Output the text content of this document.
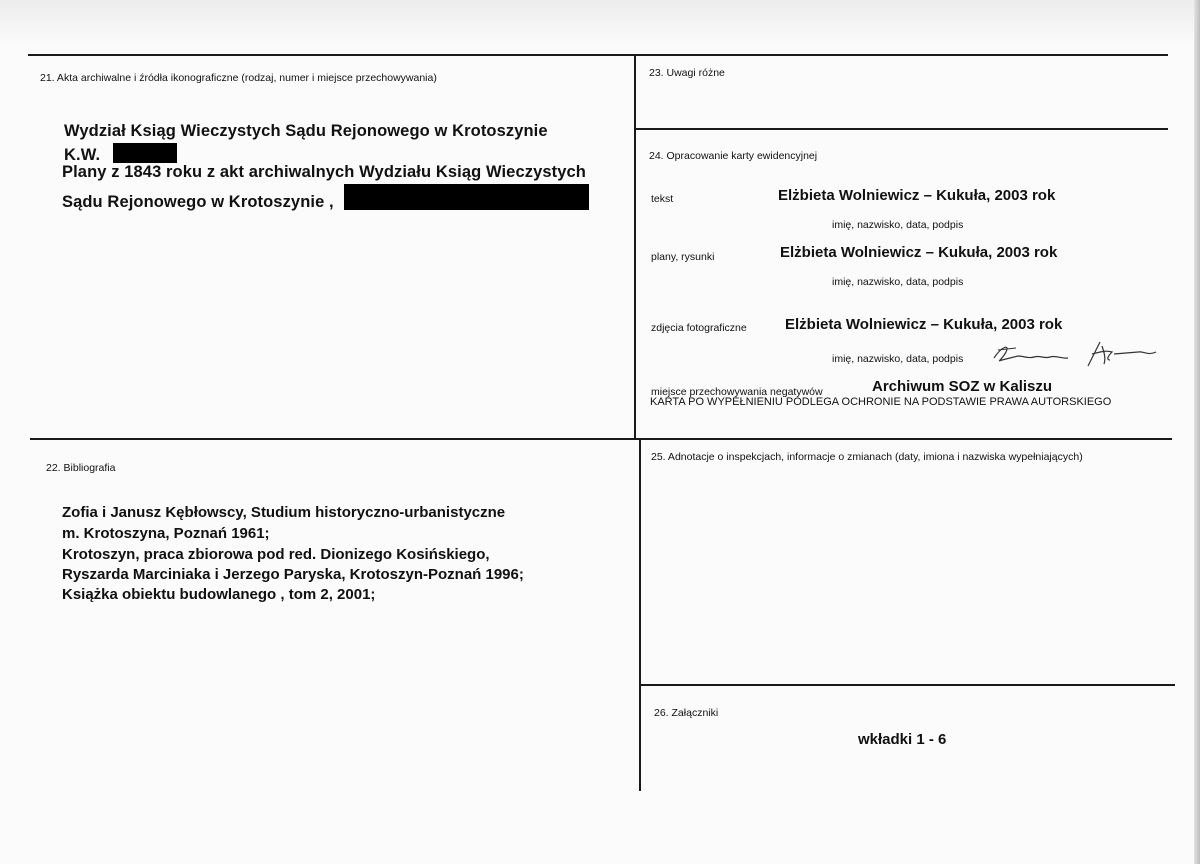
21. Akta archiwalne i źródła ikonograficzne (rodzaj, numer i miejsce przechowywania)
Wydział Ksiąg Wieczystych Sądu Rejonowego w Krotoszynie
K.W.
Plany z 1843 roku z akt archiwalnych Wydziału Ksiąg Wieczystych
Sądu Rejonowego w Krotoszynie ,
22. Bibliografia
Zofia i Janusz Kębłowscy, Studium historyczno-urbanistyczne
m. Krotoszyna, Poznań 1961;
Krotoszyn, praca zbiorowa pod red. Dionizego Kosińskiego,
Ryszarda Marciniaka i Jerzego Paryska, Krotoszyn-Poznań 1996;
Książka obiektu budowlanego , tom 2, 2001;
23. Uwagi różne
24. Opracowanie karty ewidencyjnej
tekst	Elżbieta Wolniewicz – Kukuła, 2003 rok
imię, nazwisko, data, podpis
plany, rysunki	Elżbieta Wolniewicz – Kukuła, 2003 rok
imię, nazwisko, data, podpis
zdjęcia fotograficzne	Elżbieta Wolniewicz – Kukuła, 2003 rok
imię, nazwisko, data, podpis
miejsce przechowywania negatywów	Archiwum SOZ w Kaliszu
KARTA PO WYPEŁNIENIU PODLEGA OCHRONIE NA PODSTAWIE PRAWA AUTORSKIEGO
25. Adnotacje o inspekcjach, informacje o zmianach (daty, imiona i nazwiska wypełniających)
26. Załączniki
wkładki 1 - 6
